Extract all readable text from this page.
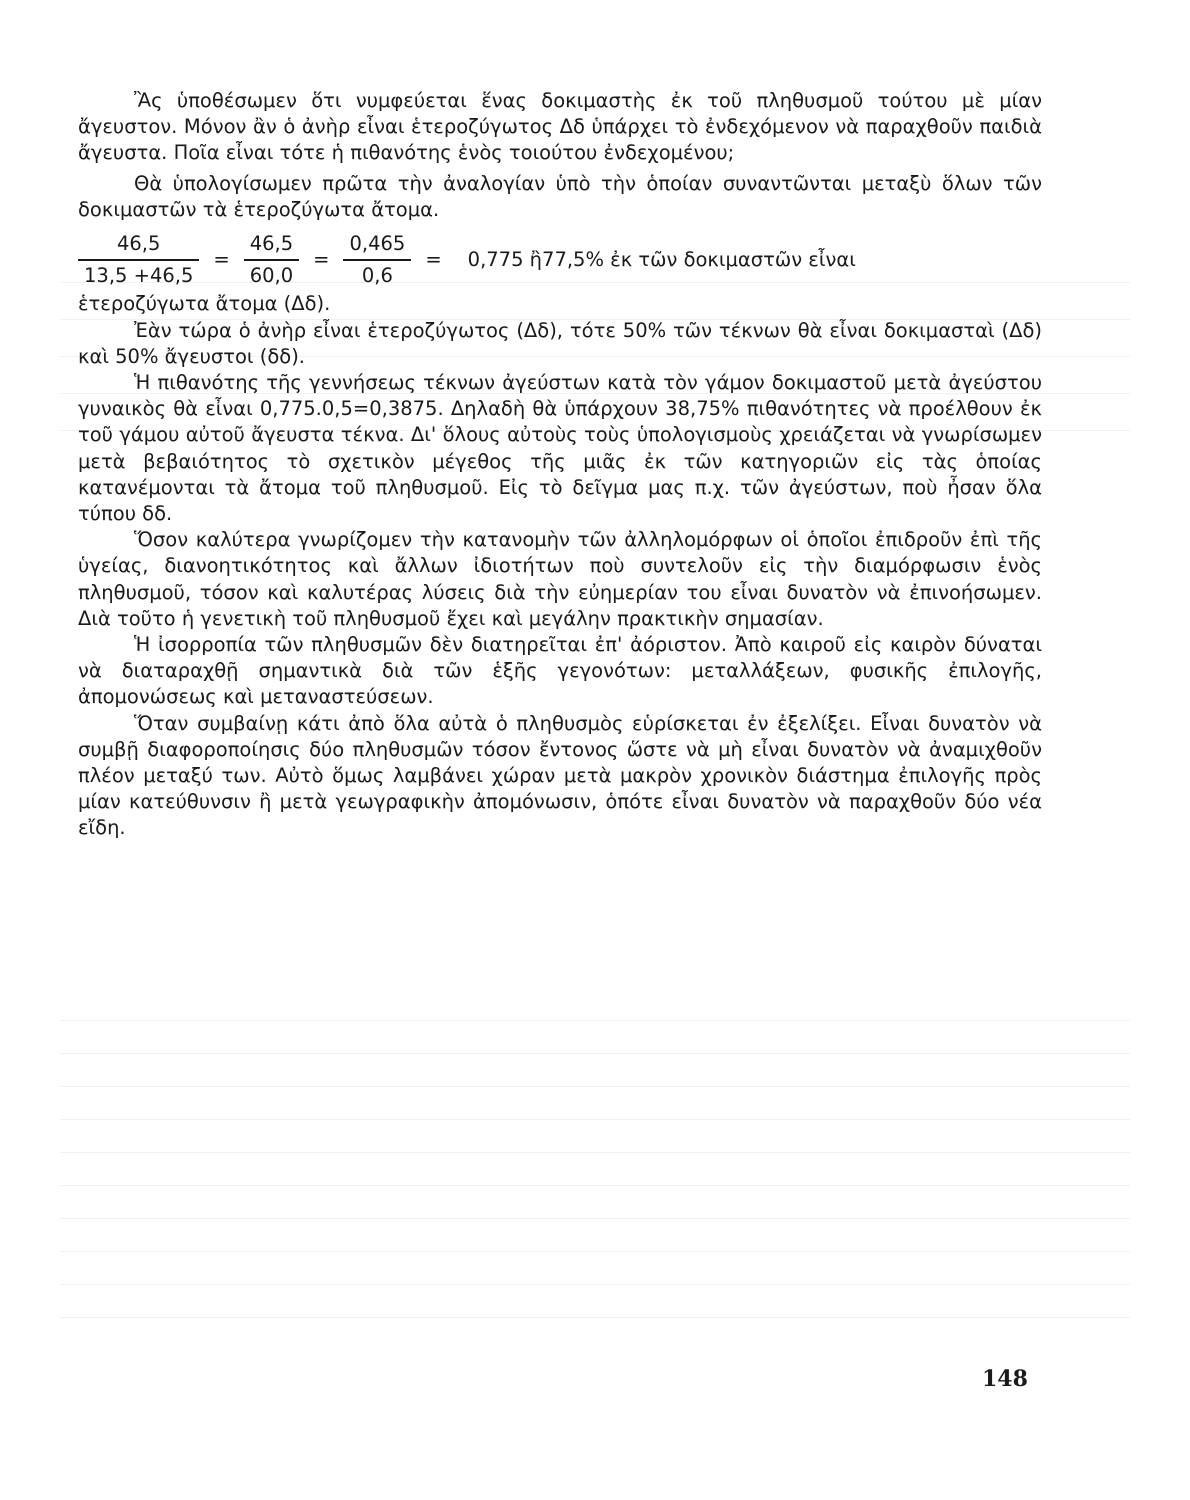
Ἂς ὑποθέσωμεν ὅτι νυμφεύεται ἕνας δοκιμαστὴς ἐκ τοῦ πληθυσμοῦ τούτου μὲ μίαν ἄγευστον. Μόνον ἂν ὁ ἀνὴρ εἶναι ἑτεροζύγωτος Δδ ὑπάρχει τὸ ἐνδεχόμενον νὰ παραχθοῦν παιδιὰ ἄγευστα. Ποῖα εἶναι τότε ἡ πιθανότης ἑνὸς τοιούτου ἐνδεχομένου;

Θὰ ὑπολογίσωμεν πρῶτα τὴν ἀναλογίαν ὑπὸ τὴν ὁποίαν συναντῶνται μεταξὺ ὅλων τῶν δοκιμαστῶν τὰ ἑτεροζύγωτα ἄτομα.

$\frac{46,5}{13,5 +46,5} = \frac{46,5}{60,0} = \frac{0,465}{0,6} = 0,775$ ἢ77,5% ἐκ τῶν δοκιμαστῶν εἶναι

ἑτεροζύγωτα ἄτομα (Δδ).

Ἐὰν τώρα ὁ ἀνὴρ εἶναι ἑτεροζύγωτος (Δδ), τότε 50% τῶν τέκνων θὰ εἶναι δοκιμασταὶ (Δδ) καὶ 50% ἄγευστοι (δδ).

Ἡ πιθανότης τῆς γεννήσεως τέκνων ἀγεύστων κατὰ τὸν γάμον δοκιμαστοῦ μετὰ ἀγεύστου γυναικὸς θὰ εἶναι 0,775.0,5=0,3875. Δηλαδὴ θὰ ὑπάρχουν 38,75% πιθανότητες νὰ προέλθουν ἐκ τοῦ γάμου αὐτοῦ ἄγευστα τέκνα. Δι' ὅλους αὐτοὺς τοὺς ὑπολογισμοὺς χρειάζεται νὰ γνωρίσωμεν μετὰ βεβαιότητος τὸ σχετικὸν μέγεθος τῆς μιᾶς ἐκ τῶν κατηγοριῶν εἰς τὰς ὁποίας κατανέμονται τὰ ἄτομα τοῦ πληθυσμοῦ. Εἰς τὸ δεῖγμα μας π.χ. τῶν ἀγεύστων, ποὺ ἦσαν ὅλα τύπου δδ.

Ὅσον καλύτερα γνωρίζομεν τὴν κατανομὴν τῶν ἀλληλομόρφων οἱ ὁποῖοι ἐπιδροῦν ἐπὶ τῆς ὑγείας, διανοητικότητος καὶ ἄλλων ἰδιοτήτων ποὺ συντελοῦν εἰς τὴν διαμόρφωσιν ἑνὸς πληθυσμοῦ, τόσον καὶ καλυτέρας λύσεις διὰ τὴν εὐημερίαν του εἶναι δυνατὸν νὰ ἐπινοήσωμεν. Διὰ τοῦτο ἡ γενετικὴ τοῦ πληθυσμοῦ ἔχει καὶ μεγάλην πρακτικὴν σημασίαν.

Ἡ ἰσορροπία τῶν πληθυσμῶν δὲν διατηρεῖται ἐπ' ἀόριστον. Ἀπὸ καιροῦ εἰς καιρὸν δύναται νὰ διαταραχθῇ σημαντικὰ διὰ τῶν ἑξῆς γεγονότων: μεταλλάξεων, φυσικῆς ἐπιλογῆς, ἀπομονώσεως καὶ μεταναστεύσεων.

Ὅταν συμβαίνῃ κάτι ἀπὸ ὅλα αὐτὰ ὁ πληθυσμὸς εὑρίσκεται ἐν ἐξελίξει. Εἶναι δυνατὸν νὰ συμβῇ διαφοροποίησις δύο πληθυσμῶν τόσον ἔντονος ὥστε νὰ μὴ εἶναι δυνατὸν νὰ ἀναμιχθοῦν πλέον μεταξύ των. Αὐτὸ ὅμως λαμβάνει χώραν μετὰ μακρὸν χρονικὸν διάστημα ἐπιλογῆς πρὸς μίαν κατεύθυνσιν ἢ μετὰ γεωγραφικὴν ἀπομόνωσιν, ὁπότε εἶναι δυνατὸν νὰ παραχθοῦν δύο νέα εἴδη.

148
